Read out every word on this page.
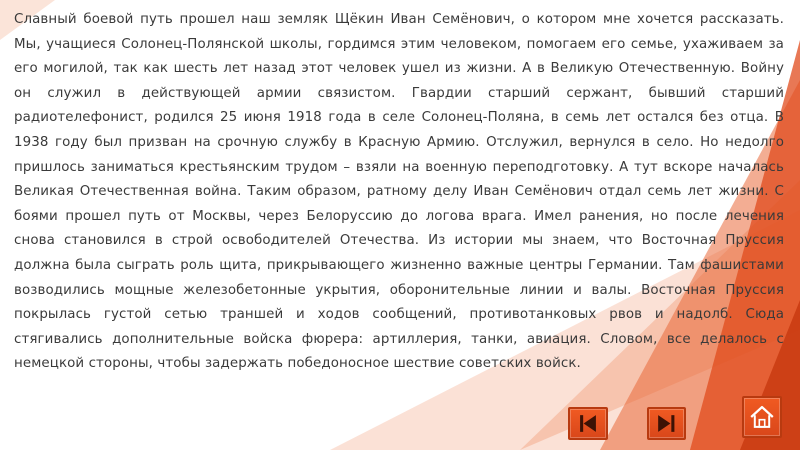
Славный боевой путь прошел наш земляк Щёкин Иван Семёнович, о котором мне хочется рассказать. Мы, учащиеся Солонец-Полянской школы, гордимся этим человеком, помогаем его семье, ухаживаем за его могилой, так как шесть лет назад этот человек ушел из жизни. А в Великую Отечественную. Войну он служил в действующей армии связистом. Гвардии старший сержант, бывший старший радиотелефонист, родился 25 июня 1918 года в селе Солонец-Поляна, в семь лет остался без отца. В 1938 году был призван на срочную службу в Красную Армию. Отслужил, вернулся в село. Но недолго пришлось заниматься крестьянским трудом – взяли на военную переподготовку. А тут вскоре началась Великая Отечественная война. Таким образом, ратному делу Иван Семёнович отдал семь лет жизни. С боями прошел путь от Москвы, через Белоруссию до логова врага. Имел ранения, но после лечения снова становился в строй освободителей Отечества. Из истории мы знаем, что Восточная Пруссия должна была сыграть роль щита, прикрывающего жизненно важные центры Германии. Там фашистами возводились мощные железобетонные укрытия, оборонительные линии и валы. Восточная Пруссия покрылась густой сетью траншей и ходов сообщений, противотанковых рвов и надолб. Сюда стягивались дополнительные войска фюрера: артиллерия, танки, авиация. Словом, все делалось с немецкой стороны, чтобы задержать победоносное шествие советских войск.
